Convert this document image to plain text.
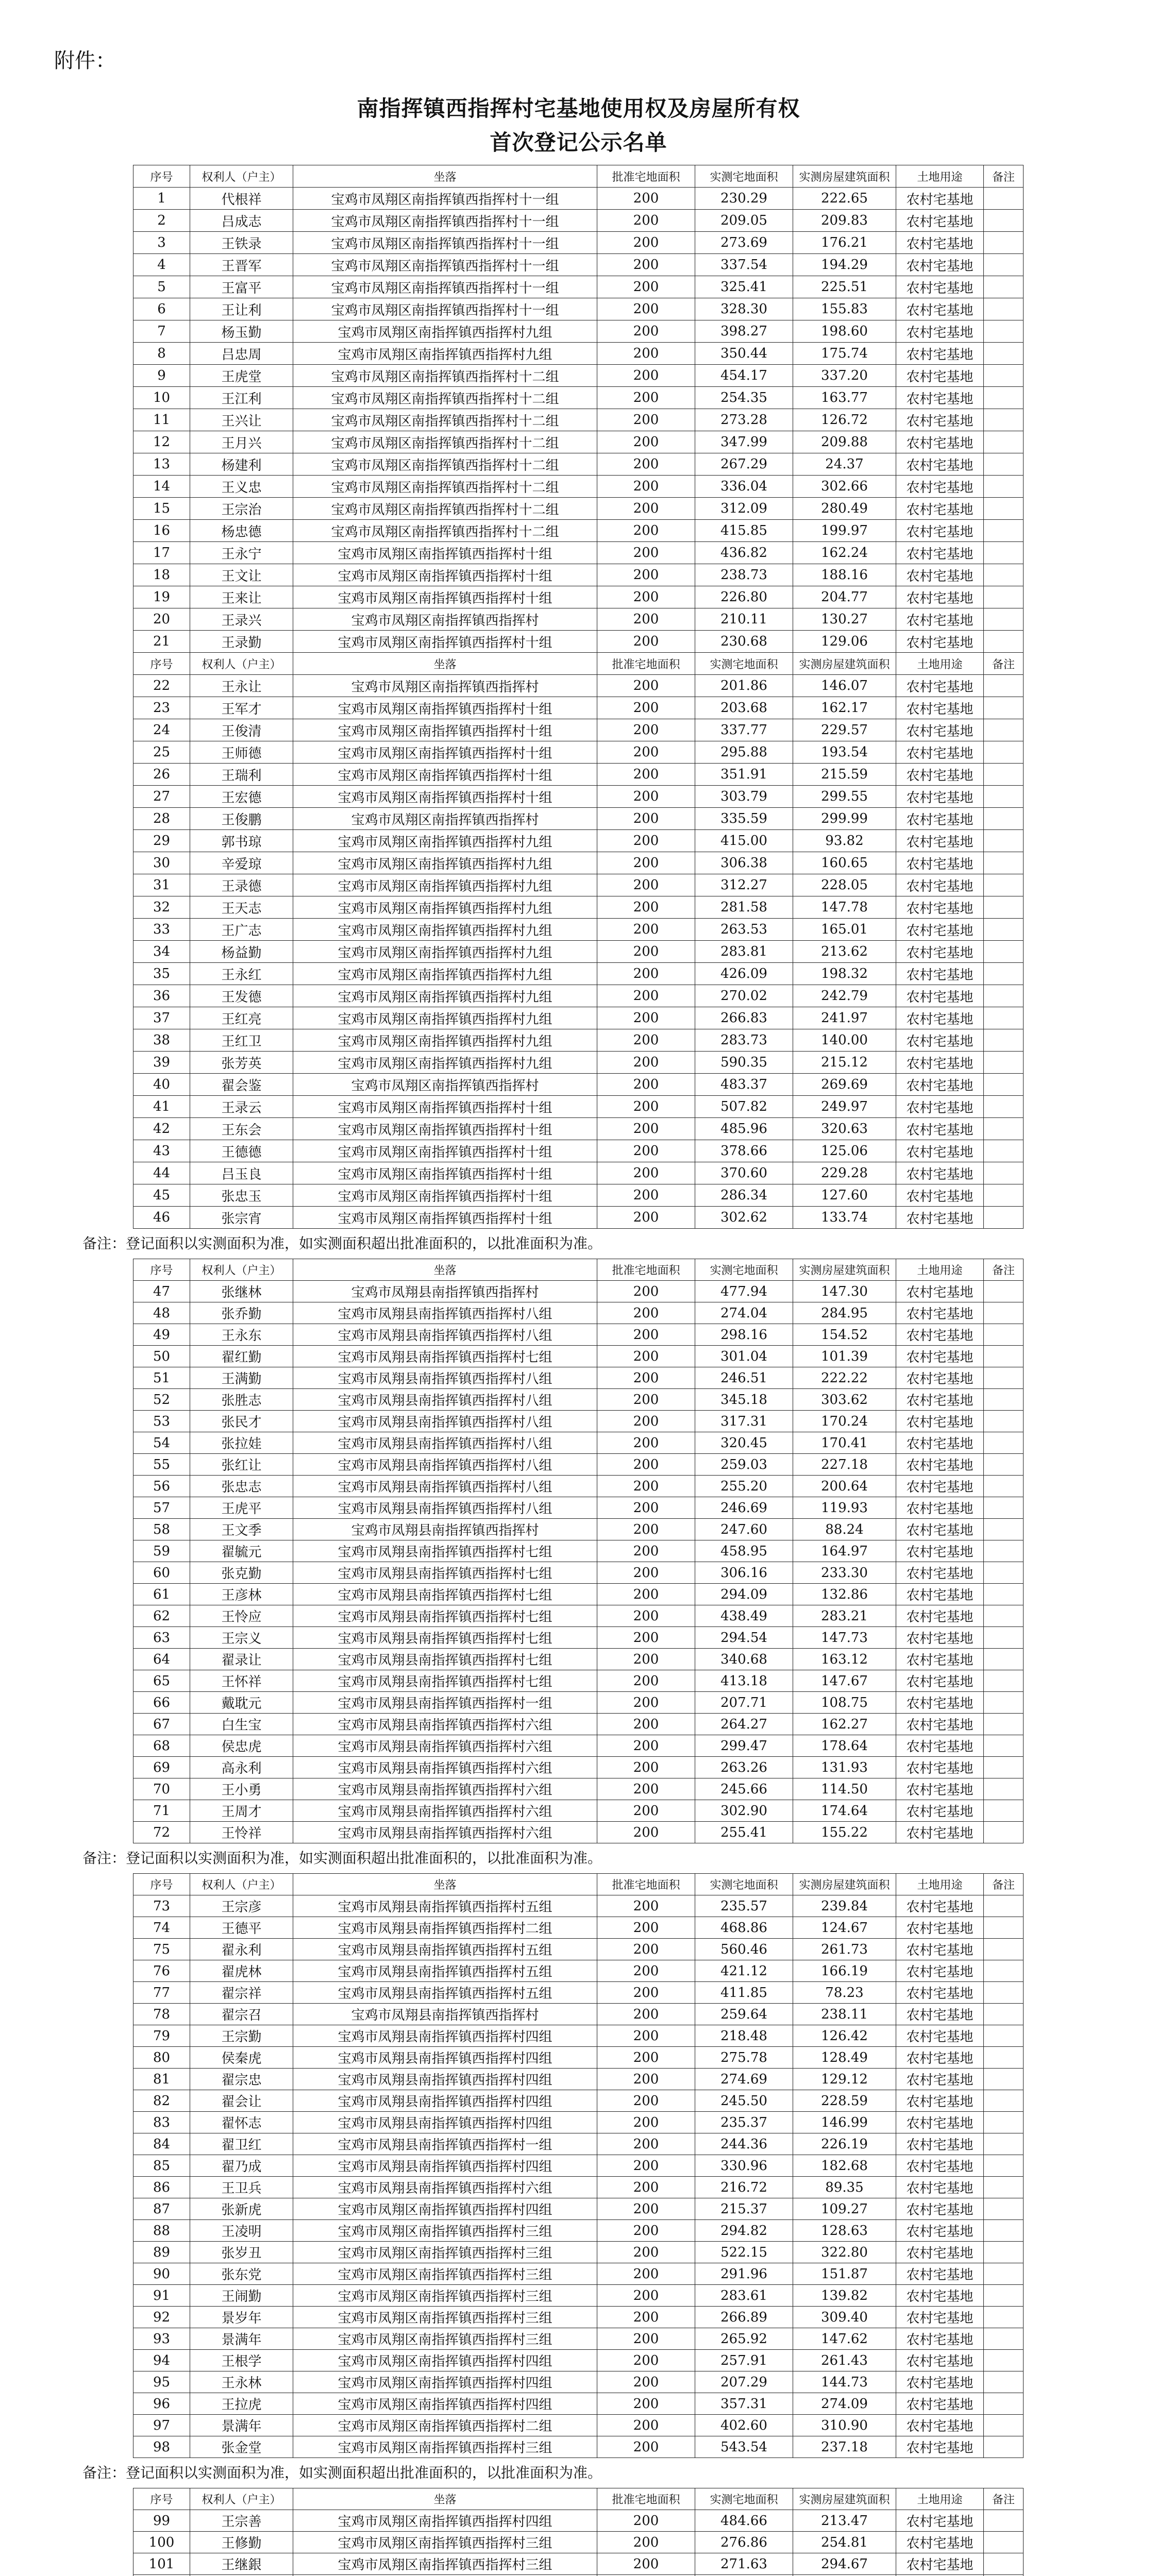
附件：
南指挥镇西指挥村宅基地使用权及房屋所有权
首次登记公示名单
序号	权利人（户主）	坐落	批准宅地面积	实测宅地面积	实测房屋建筑面积	土地用途	备注
1	代根祥	宝鸡市凤翔区南指挥镇西指挥村十一组	200	230.29	222.65	农村宅基地	
2	吕成志	宝鸡市凤翔区南指挥镇西指挥村十一组	200	209.05	209.83	农村宅基地	
3	王铁录	宝鸡市凤翔区南指挥镇西指挥村十一组	200	273.69	176.21	农村宅基地	
4	王晋军	宝鸡市凤翔区南指挥镇西指挥村十一组	200	337.54	194.29	农村宅基地	
5	王富平	宝鸡市凤翔区南指挥镇西指挥村十一组	200	325.41	225.51	农村宅基地	
6	王让利	宝鸡市凤翔区南指挥镇西指挥村十一组	200	328.30	155.83	农村宅基地	
7	杨玉勤	宝鸡市凤翔区南指挥镇西指挥村九组	200	398.27	198.60	农村宅基地	
8	吕忠周	宝鸡市凤翔区南指挥镇西指挥村九组	200	350.44	175.74	农村宅基地	
9	王虎堂	宝鸡市凤翔区南指挥镇西指挥村十二组	200	454.17	337.20	农村宅基地	
10	王江利	宝鸡市凤翔区南指挥镇西指挥村十二组	200	254.35	163.77	农村宅基地	
11	王兴让	宝鸡市凤翔区南指挥镇西指挥村十二组	200	273.28	126.72	农村宅基地	
12	王月兴	宝鸡市凤翔区南指挥镇西指挥村十二组	200	347.99	209.88	农村宅基地	
13	杨建利	宝鸡市凤翔区南指挥镇西指挥村十二组	200	267.29	24.37	农村宅基地	
14	王义忠	宝鸡市凤翔区南指挥镇西指挥村十二组	200	336.04	302.66	农村宅基地	
15	王宗治	宝鸡市凤翔区南指挥镇西指挥村十二组	200	312.09	280.49	农村宅基地	
16	杨忠德	宝鸡市凤翔区南指挥镇西指挥村十二组	200	415.85	199.97	农村宅基地	
17	王永宁	宝鸡市凤翔区南指挥镇西指挥村十组	200	436.82	162.24	农村宅基地	
18	王文让	宝鸡市凤翔区南指挥镇西指挥村十组	200	238.73	188.16	农村宅基地	
19	王来让	宝鸡市凤翔区南指挥镇西指挥村十组	200	226.80	204.77	农村宅基地	
20	王录兴	宝鸡市凤翔区南指挥镇西指挥村	200	210.11	130.27	农村宅基地	
21	王录勤	宝鸡市凤翔区南指挥镇西指挥村十组	200	230.68	129.06	农村宅基地	
序号	权利人（户主）	坐落	批准宅地面积	实测宅地面积	实测房屋建筑面积	土地用途	备注
22	王永让	宝鸡市凤翔区南指挥镇西指挥村	200	201.86	146.07	农村宅基地	
23	王军才	宝鸡市凤翔区南指挥镇西指挥村十组	200	203.68	162.17	农村宅基地	
24	王俊清	宝鸡市凤翔区南指挥镇西指挥村十组	200	337.77	229.57	农村宅基地	
25	王师德	宝鸡市凤翔区南指挥镇西指挥村十组	200	295.88	193.54	农村宅基地	
26	王瑞利	宝鸡市凤翔区南指挥镇西指挥村十组	200	351.91	215.59	农村宅基地	
27	王宏德	宝鸡市凤翔区南指挥镇西指挥村十组	200	303.79	299.55	农村宅基地	
28	王俊鹏	宝鸡市凤翔区南指挥镇西指挥村	200	335.59	299.99	农村宅基地	
29	郭书琼	宝鸡市凤翔区南指挥镇西指挥村九组	200	415.00	93.82	农村宅基地	
30	辛爱琼	宝鸡市凤翔区南指挥镇西指挥村九组	200	306.38	160.65	农村宅基地	
31	王录德	宝鸡市凤翔区南指挥镇西指挥村九组	200	312.27	228.05	农村宅基地	
32	王天志	宝鸡市凤翔区南指挥镇西指挥村九组	200	281.58	147.78	农村宅基地	
33	王广志	宝鸡市凤翔区南指挥镇西指挥村九组	200	263.53	165.01	农村宅基地	
34	杨益勤	宝鸡市凤翔区南指挥镇西指挥村九组	200	283.81	213.62	农村宅基地	
35	王永红	宝鸡市凤翔区南指挥镇西指挥村九组	200	426.09	198.32	农村宅基地	
36	王发德	宝鸡市凤翔区南指挥镇西指挥村九组	200	270.02	242.79	农村宅基地	
37	王红亮	宝鸡市凤翔区南指挥镇西指挥村九组	200	266.83	241.97	农村宅基地	
38	王红卫	宝鸡市凤翔区南指挥镇西指挥村九组	200	283.73	140.00	农村宅基地	
39	张芳英	宝鸡市凤翔区南指挥镇西指挥村九组	200	590.35	215.12	农村宅基地	
40	翟会鉴	宝鸡市凤翔区南指挥镇西指挥村	200	483.37	269.69	农村宅基地	
41	王录云	宝鸡市凤翔区南指挥镇西指挥村十组	200	507.82	249.97	农村宅基地	
42	王东会	宝鸡市凤翔区南指挥镇西指挥村十组	200	485.96	320.63	农村宅基地	
43	王德德	宝鸡市凤翔区南指挥镇西指挥村十组	200	378.66	125.06	农村宅基地	
44	吕玉良	宝鸡市凤翔区南指挥镇西指挥村十组	200	370.60	229.28	农村宅基地	
45	张忠玉	宝鸡市凤翔区南指挥镇西指挥村十组	200	286.34	127.60	农村宅基地	
46	张宗宵	宝鸡市凤翔区南指挥镇西指挥村十组	200	302.62	133.74	农村宅基地	
备注：登记面积以实测面积为准，如实测面积超出批准面积的，以批准面积为准。
序号	权利人（户主）	坐落	批准宅地面积	实测宅地面积	实测房屋建筑面积	土地用途	备注
47	张继林	宝鸡市凤翔县南指挥镇西指挥村	200	477.94	147.30	农村宅基地	
48	张乔勤	宝鸡市凤翔县南指挥镇西指挥村八组	200	274.04	284.95	农村宅基地	
49	王永东	宝鸡市凤翔县南指挥镇西指挥村八组	200	298.16	154.52	农村宅基地	
50	翟红勤	宝鸡市凤翔县南指挥镇西指挥村七组	200	301.04	101.39	农村宅基地	
51	王满勤	宝鸡市凤翔县南指挥镇西指挥村八组	200	246.51	222.22	农村宅基地	
52	张胜志	宝鸡市凤翔县南指挥镇西指挥村八组	200	345.18	303.62	农村宅基地	
53	张民才	宝鸡市凤翔县南指挥镇西指挥村八组	200	317.31	170.24	农村宅基地	
54	张拉娃	宝鸡市凤翔县南指挥镇西指挥村八组	200	320.45	170.41	农村宅基地	
55	张红让	宝鸡市凤翔县南指挥镇西指挥村八组	200	259.03	227.18	农村宅基地	
56	张忠志	宝鸡市凤翔县南指挥镇西指挥村八组	200	255.20	200.64	农村宅基地	
57	王虎平	宝鸡市凤翔县南指挥镇西指挥村八组	200	246.69	119.93	农村宅基地	
58	王文季	宝鸡市凤翔县南指挥镇西指挥村	200	247.60	88.24	农村宅基地	
59	翟毓元	宝鸡市凤翔县南指挥镇西指挥村七组	200	458.95	164.97	农村宅基地	
60	张克勤	宝鸡市凤翔县南指挥镇西指挥村七组	200	306.16	233.30	农村宅基地	
61	王彦林	宝鸡市凤翔县南指挥镇西指挥村七组	200	294.09	132.86	农村宅基地	
62	王怜应	宝鸡市凤翔县南指挥镇西指挥村七组	200	438.49	283.21	农村宅基地	
63	王宗义	宝鸡市凤翔县南指挥镇西指挥村七组	200	294.54	147.73	农村宅基地	
64	翟录让	宝鸡市凤翔县南指挥镇西指挥村七组	200	340.68	163.12	农村宅基地	
65	王怀祥	宝鸡市凤翔县南指挥镇西指挥村七组	200	413.18	147.67	农村宅基地	
66	戴耽元	宝鸡市凤翔县南指挥镇西指挥村一组	200	207.71	108.75	农村宅基地	
67	白生宝	宝鸡市凤翔县南指挥镇西指挥村六组	200	264.27	162.27	农村宅基地	
68	侯忠虎	宝鸡市凤翔县南指挥镇西指挥村六组	200	299.47	178.64	农村宅基地	
69	高永利	宝鸡市凤翔县南指挥镇西指挥村六组	200	263.26	131.93	农村宅基地	
70	王小勇	宝鸡市凤翔县南指挥镇西指挥村六组	200	245.66	114.50	农村宅基地	
71	王周才	宝鸡市凤翔县南指挥镇西指挥村六组	200	302.90	174.64	农村宅基地	
72	王怜祥	宝鸡市凤翔县南指挥镇西指挥村六组	200	255.41	155.22	农村宅基地	
备注：登记面积以实测面积为准，如实测面积超出批准面积的，以批准面积为准。
序号	权利人（户主）	坐落	批准宅地面积	实测宅地面积	实测房屋建筑面积	土地用途	备注
73	王宗彦	宝鸡市凤翔县南指挥镇西指挥村五组	200	235.57	239.84	农村宅基地	
74	王德平	宝鸡市凤翔县南指挥镇西指挥村二组	200	468.86	124.67	农村宅基地	
75	翟永利	宝鸡市凤翔县南指挥镇西指挥村五组	200	560.46	261.73	农村宅基地	
76	翟虎林	宝鸡市凤翔县南指挥镇西指挥村五组	200	421.12	166.19	农村宅基地	
77	翟宗祥	宝鸡市凤翔县南指挥镇西指挥村五组	200	411.85	78.23	农村宅基地	
78	翟宗召	宝鸡市凤翔县南指挥镇西指挥村	200	259.64	238.11	农村宅基地	
79	王宗勤	宝鸡市凤翔县南指挥镇西指挥村四组	200	218.48	126.42	农村宅基地	
80	侯秦虎	宝鸡市凤翔县南指挥镇西指挥村四组	200	275.78	128.49	农村宅基地	
81	翟宗忠	宝鸡市凤翔县南指挥镇西指挥村四组	200	274.69	129.12	农村宅基地	
82	翟会让	宝鸡市凤翔县南指挥镇西指挥村四组	200	245.50	228.59	农村宅基地	
83	翟怀志	宝鸡市凤翔县南指挥镇西指挥村四组	200	235.37	146.99	农村宅基地	
84	翟卫红	宝鸡市凤翔县南指挥镇西指挥村一组	200	244.36	226.19	农村宅基地	
85	翟乃成	宝鸡市凤翔县南指挥镇西指挥村四组	200	330.96	182.68	农村宅基地	
86	王卫兵	宝鸡市凤翔县南指挥镇西指挥村六组	200	216.72	89.35	农村宅基地	
87	张新虎	宝鸡市凤翔区南指挥镇西指挥村四组	200	215.37	109.27	农村宅基地	
88	王凌明	宝鸡市凤翔区南指挥镇西指挥村三组	200	294.82	128.63	农村宅基地	
89	张岁丑	宝鸡市凤翔区南指挥镇西指挥村三组	200	522.15	322.80	农村宅基地	
90	张东党	宝鸡市凤翔区南指挥镇西指挥村三组	200	291.96	151.87	农村宅基地	
91	王闹勤	宝鸡市凤翔区南指挥镇西指挥村三组	200	283.61	139.82	农村宅基地	
92	景岁年	宝鸡市凤翔区南指挥镇西指挥村三组	200	266.89	309.40	农村宅基地	
93	景满年	宝鸡市凤翔区南指挥镇西指挥村三组	200	265.92	147.62	农村宅基地	
94	王根学	宝鸡市凤翔区南指挥镇西指挥村四组	200	257.91	261.43	农村宅基地	
95	王永林	宝鸡市凤翔区南指挥镇西指挥村四组	200	207.29	144.73	农村宅基地	
96	王拉虎	宝鸡市凤翔区南指挥镇西指挥村四组	200	357.31	274.09	农村宅基地	
97	景满年	宝鸡市凤翔区南指挥镇西指挥村二组	200	402.60	310.90	农村宅基地	
98	张金堂	宝鸡市凤翔区南指挥镇西指挥村三组	200	543.54	237.18	农村宅基地	
备注：登记面积以实测面积为准，如实测面积超出批准面积的，以批准面积为准。
序号	权利人（户主）	坐落	批准宅地面积	实测宅地面积	实测房屋建筑面积	土地用途	备注
99	王宗善	宝鸡市凤翔区南指挥镇西指挥村四组	200	484.66	213.47	农村宅基地	
100	王修勤	宝鸡市凤翔区南指挥镇西指挥村三组	200	276.86	254.81	农村宅基地	
101	王继銀	宝鸡市凤翔区南指挥镇西指挥村三组	200	271.63	294.67	农村宅基地	
